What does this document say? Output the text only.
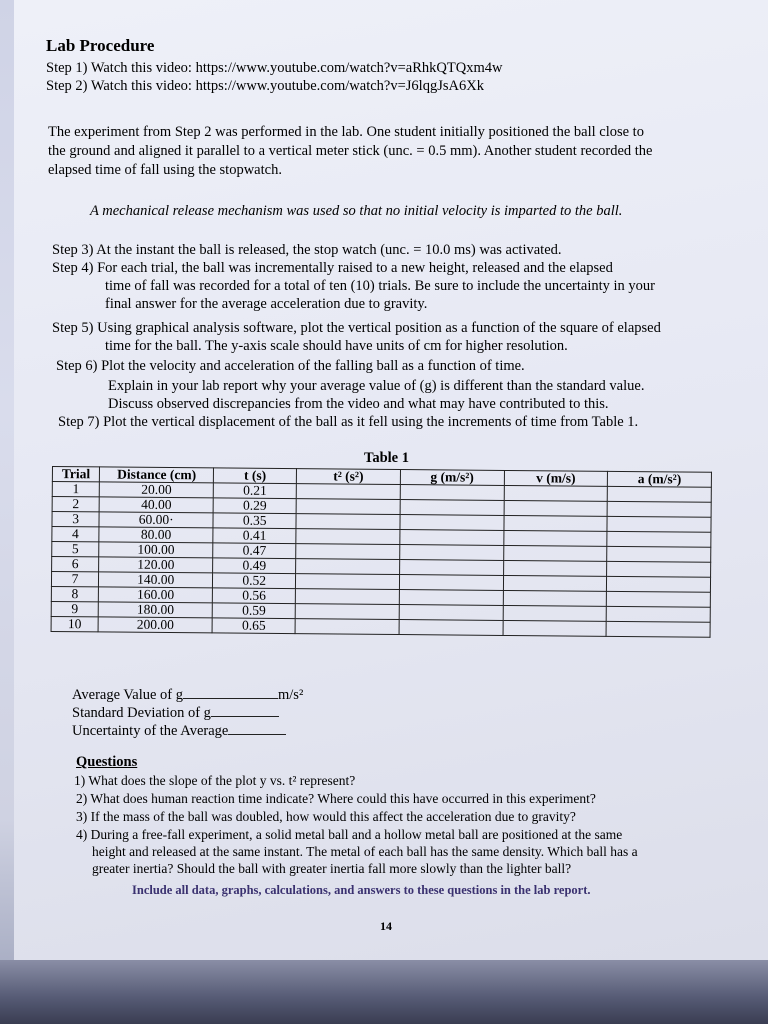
Lab Procedure
Step 1) Watch this video: https://www.youtube.com/watch?v=aRhkQTQxm4w
Step 2) Watch this video: https://www.youtube.com/watch?v=J6lqgJsA6Xk
The experiment from Step 2 was performed in the lab. One student initially positioned the ball close to
the ground and aligned it parallel to a vertical meter stick (unc. = 0.5 mm). Another student recorded the
elapsed time of fall using the stopwatch.
A mechanical release mechanism was used so that no initial velocity is imparted to the ball.
Step 3) At the instant the ball is released, the stop watch (unc. = 10.0 ms) was activated.
Step 4) For each trial, the ball was incrementally raised to a new height, released and the elapsed
time of fall was recorded for a total of ten (10) trials. Be sure to include the uncertainty in your
final answer for the average acceleration due to gravity.
Step 5) Using graphical analysis software, plot the vertical position as a function of the square of elapsed
time for the ball. The y-axis scale should have units of cm for higher resolution.
Step 6) Plot the velocity and acceleration of the falling ball as a function of time.
Explain in your lab report why your average value of (g) is different than the standard value.
Discuss observed discrepancies from the video and what may have contributed to this.
Step 7) Plot the vertical displacement of the ball as it fell using the increments of time from Table 1.
Table 1
Trial	Distance (cm)	t (s)	t² (s²)	g (m/s²)	v (m/s)	a (m/s²)
1	20.00	0.21				
2	40.00	0.29				
3	60.00·	0.35				
4	80.00	0.41				
5	100.00	0.47				
6	120.00	0.49				
7	140.00	0.52				
8	160.00	0.56				
9	180.00	0.59				
10	200.00	0.65				
Average Value of g	m/s²
Standard Deviation of g
Uncertainty of the Average
Questions
1) What does the slope of the plot y vs. t² represent?
2) What does human reaction time indicate? Where could this have occurred in this experiment?
3) If the mass of the ball was doubled, how would this affect the acceleration due to gravity?
4) During a free-fall experiment, a solid metal ball and a hollow metal ball are positioned at the same
height and released at the same instant. The metal of each ball has the same density. Which ball has a
greater inertia? Should the ball with greater inertia fall more slowly than the lighter ball?
Include all data, graphs, calculations, and answers to these questions in the lab report.
14
